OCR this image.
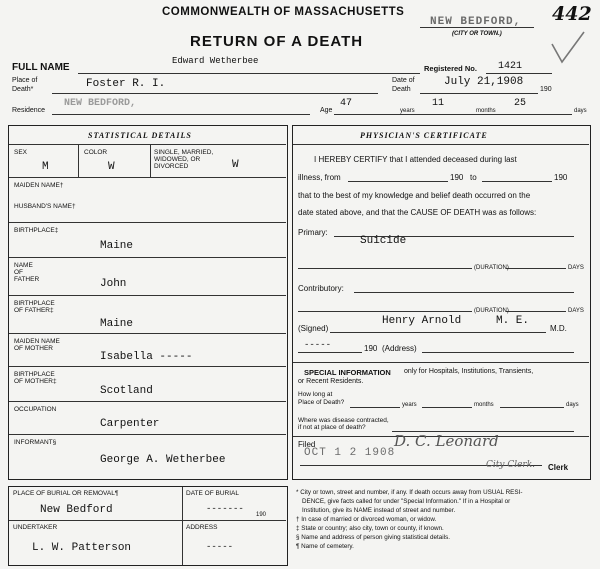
COMMONWEALTH OF MASSACHUSETTS
RETURN OF A DEATH
NEW BEDFORD,
(CITY OR TOWN.)
442
FULL NAME
Edward Wetherbee
Registered No. 1421
Place of
Death*	Foster R. I.	Date of
Death
July 21,1908
190
Residence
NEW BEDFORD,
Age
47
years
11
months
25
days
STATISTICAL DETAILS
SEX
M
COLOR
W
SINGLE, MARRIED,
WIDOWED, OR
DIVORCED	W
MAIDEN NAME†
HUSBAND'S NAME†
BIRTHPLACE‡
Maine
NAME
OF
FATHER	John
BIRTHPLACE
OF FATHER‡
Maine
MAIDEN NAME
OF MOTHER
Isabella -----
BIRTHPLACE
OF MOTHER‡
Scotland
OCCUPATION
Carpenter
INFORMANT§
George A. Wetherbee
PHYSICIAN'S CERTIFICATE
I HEREBY CERTIFY that I attended deceased during last
illness, from	190 to	190
that to the best of my knowledge and belief death occurred on the
date stated above, and that the CAUSE OF DEATH was as follows:
Primary:
Suicide
(DURATION)	DAYS
Contributory:
(DURATION)	DAYS
(Signed)
Henry Arnold	M. E.
M.D.
-----	190 (Address)
SPECIAL INFORMATION only for Hospitals, Institutions, Transients,
or Recent Residents.
How long at
Place of Death?	years	months	days
Where was disease contracted,
if not at place of death?
Filed
OCT 1 2 1908
D. C. Leonard
City Clerk. Clerk
PLACE OF BURIAL OR REMOVAL¶
New Bedford
DATE OF BURIAL
-------
190
UNDERTAKER
L. W. Patterson
ADDRESS
-----
* City or town, street and number, if any. If death occurs away from USUAL RESI-
DENCE, give facts called for under "Special Information." If in a Hospital or
Institution, give its NAME instead of street and number.
† In case of married or divorced woman, or widow.
‡ State or country; also city, town or county, if known.
§ Name and address of person giving statistical details.
¶ Name of cemetery.
